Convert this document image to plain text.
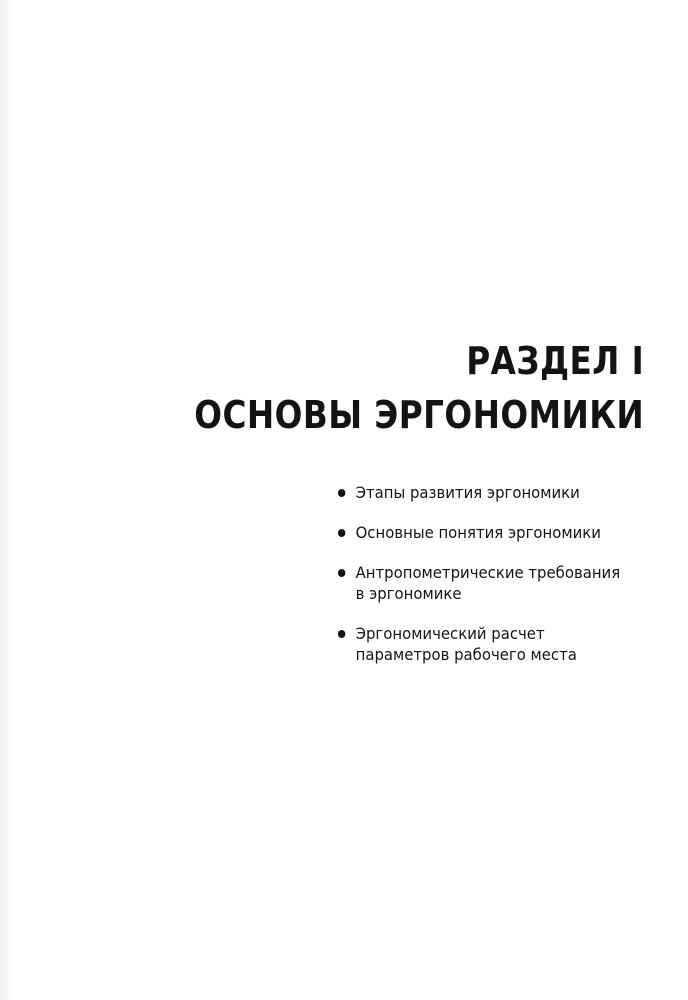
РАЗДЕЛ I
ОСНОВЫ ЭРГОНОМИКИ
Этапы развития эргономики
Основные понятия эргономики
Антропометрические требования
в эргономике
Эргономический расчет
параметров рабочего места
